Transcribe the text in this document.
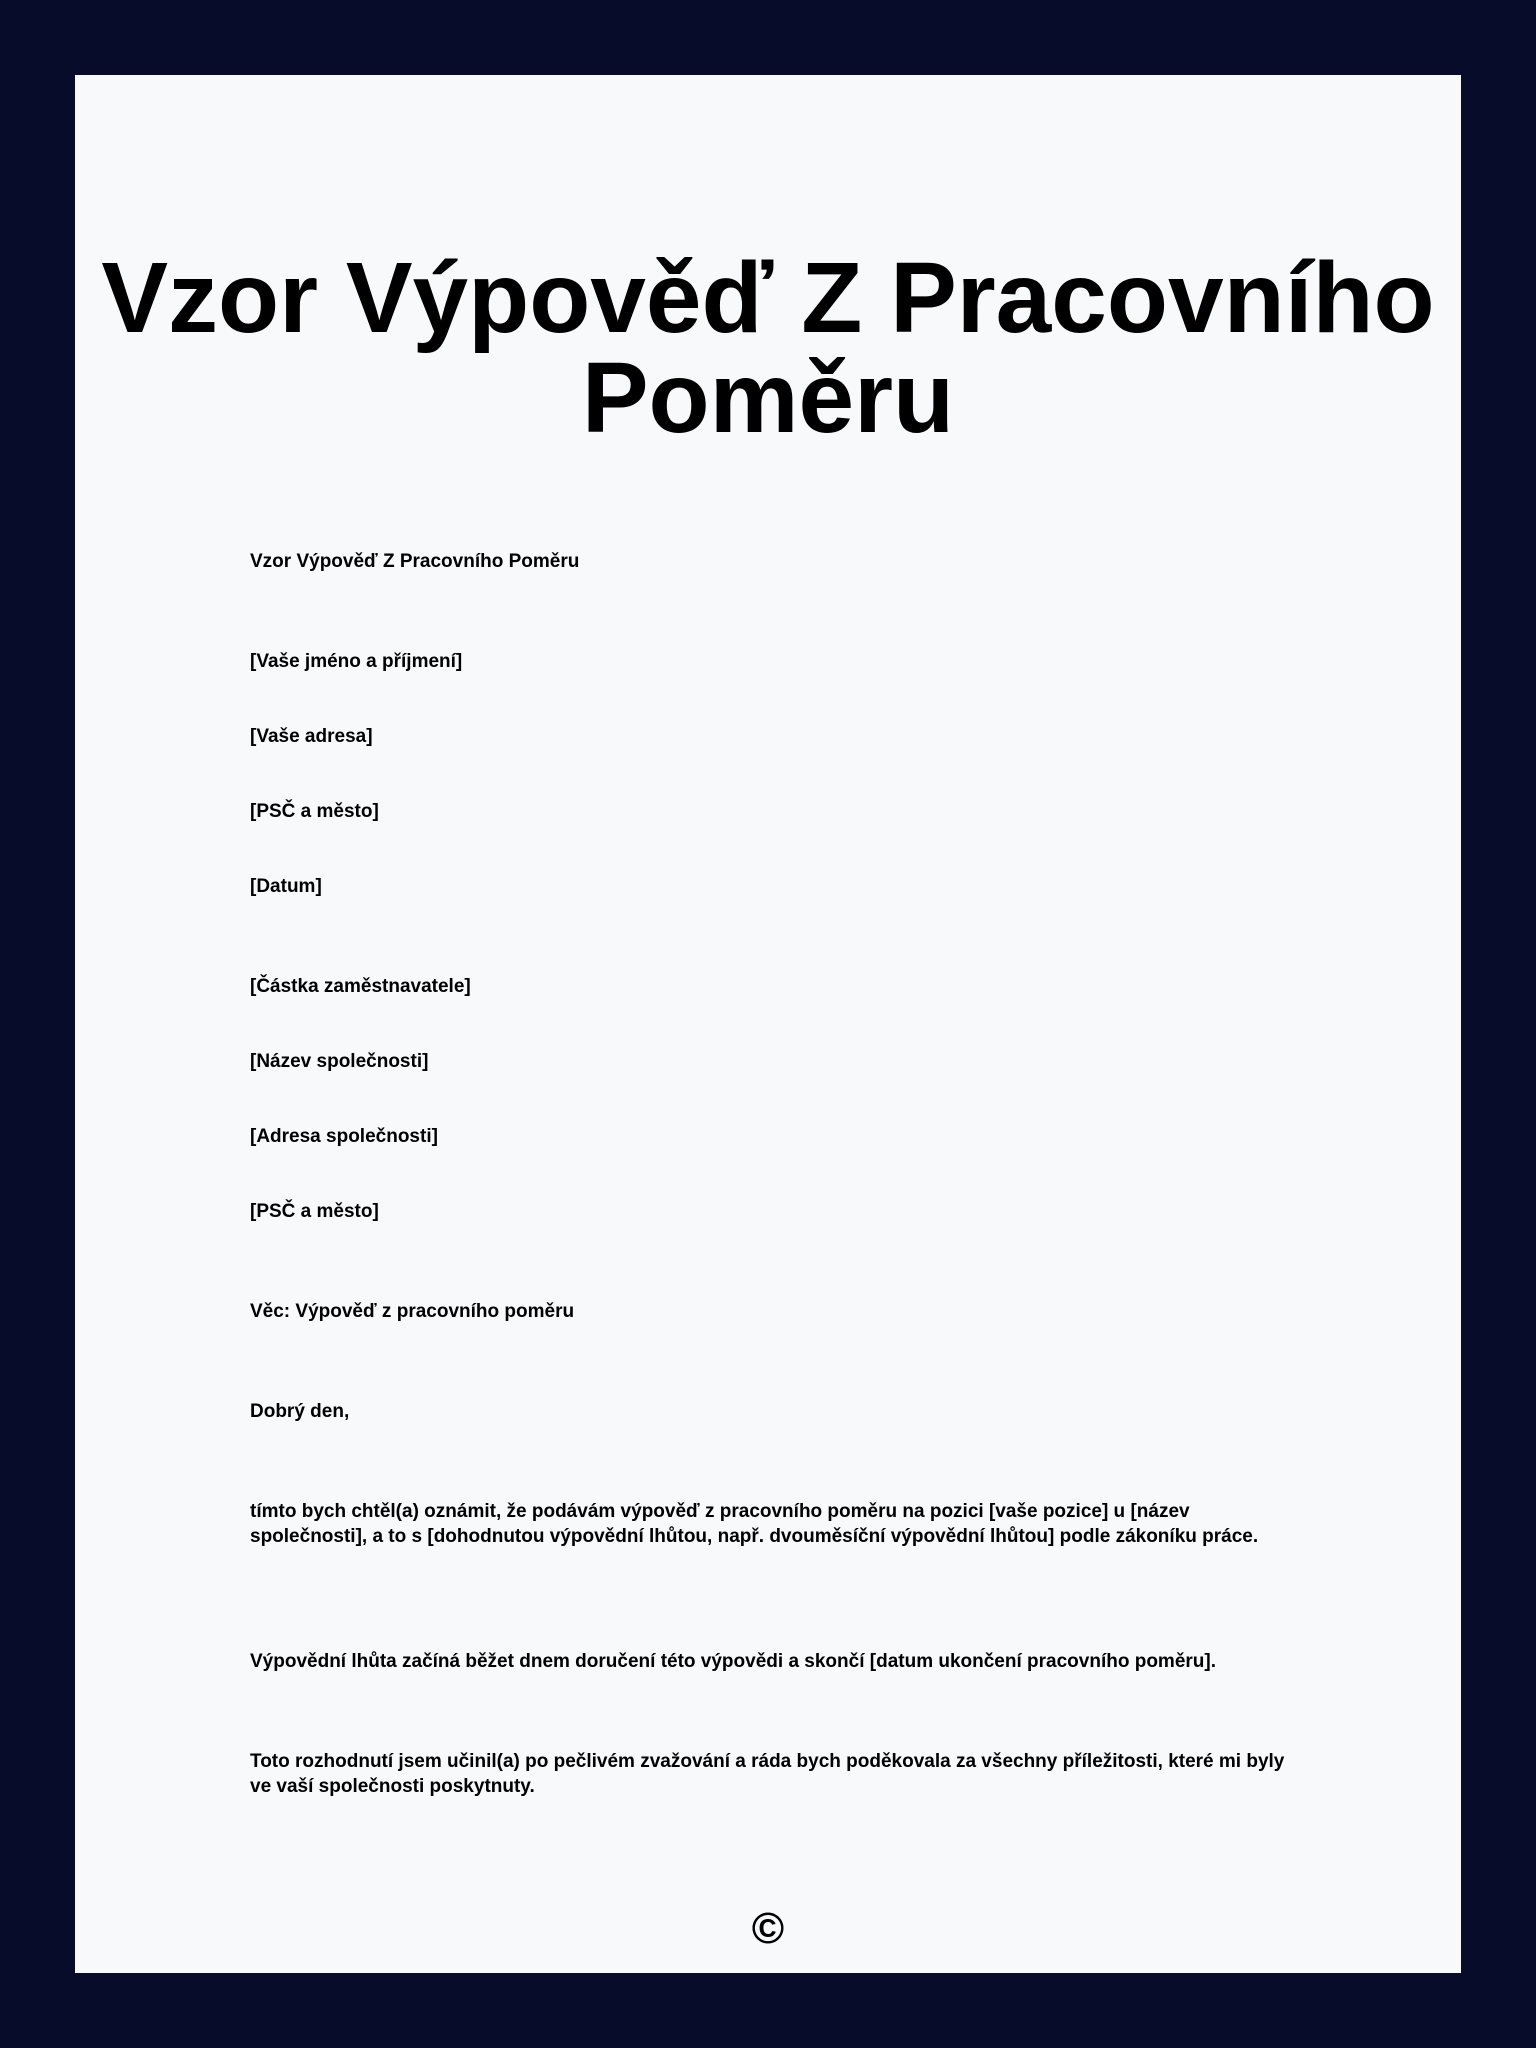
Vzor Výpověď Z Pracovního Poměru

Vzor Výpověď Z Pracovního Poměru

[Vaše jméno a příjmení]

[Vaše adresa]

[PSČ a město]

[Datum]

[Částka zaměstnavatele]

[Název společnosti]

[Adresa společnosti]

[PSČ a město]

Věc: Výpověď z pracovního poměru

Dobrý den,

tímto bych chtěl(a) oznámit, že podávám výpověď z pracovního poměru na pozici [vaše pozice] u [název společnosti], a to s [dohodnutou výpovědní lhůtou, např. dvouměsíční výpovědní lhůtou] podle zákoníku práce.

Výpovědní lhůta začíná běžet dnem doručení této výpovědi a skončí [datum ukončení pracovního poměru].

Toto rozhodnutí jsem učinil(a) po pečlivém zvažování a ráda bych poděkovala za všechny příležitosti, které mi byly ve vaší společnosti poskytnuty.

©
